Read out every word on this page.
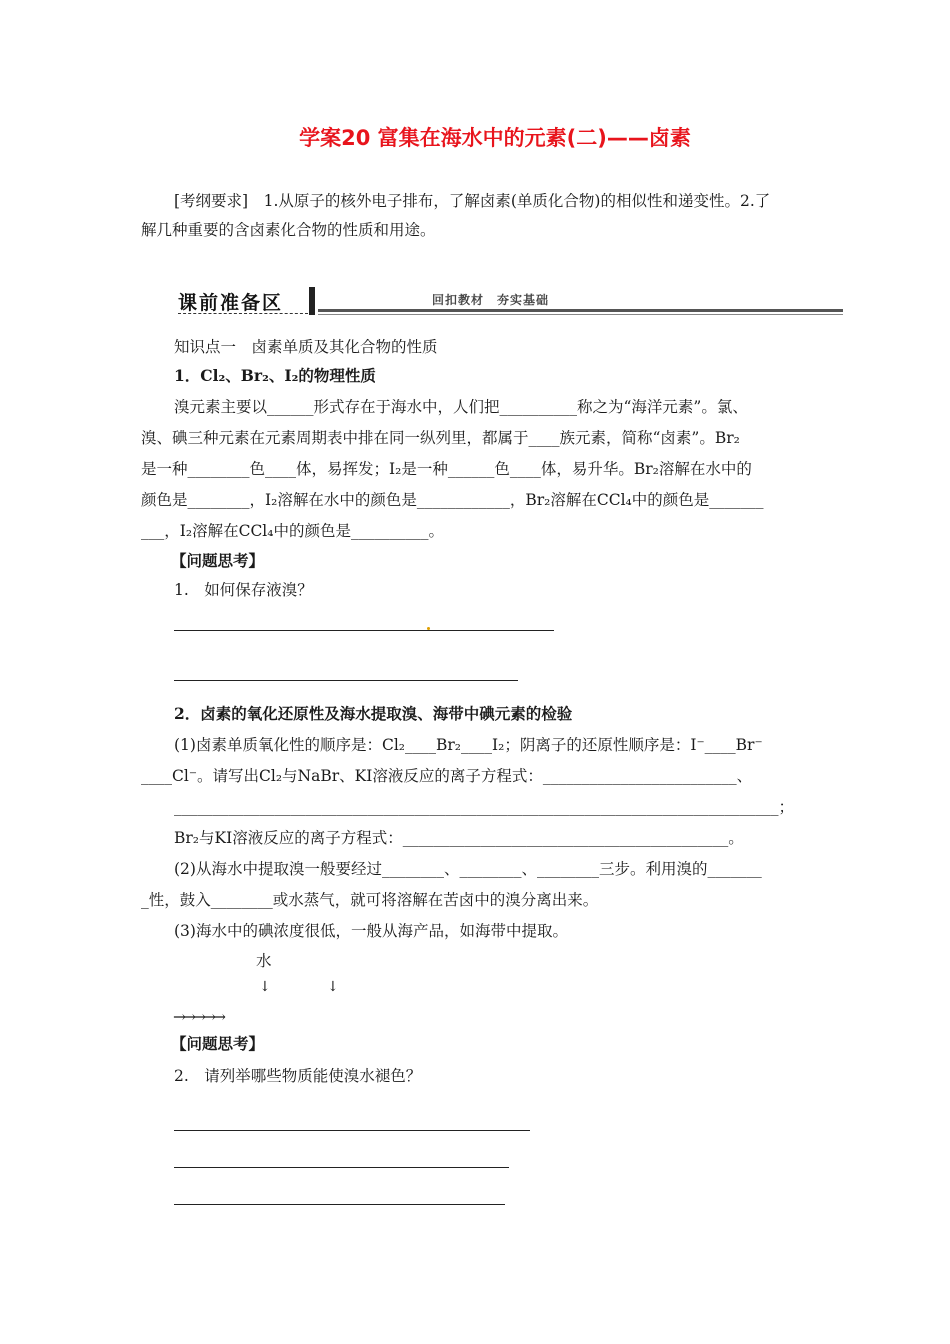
学案20 富集在海水中的元素(二)——卤素
[考纲要求]　1.从原子的核外电子排布，了解卤素(单质化合物)的相似性和递变性。2.了
解几种重要的含卤素化合物的性质和用途。
课前准备区	回扣教材　夯实基础
知识点一　卤素单质及其化合物的性质
1．Cl₂、Br₂、I₂的物理性质
溴元素主要以______形式存在于海水中，人们把__________称之为“海洋元素”。氯、
溴、碘三种元素在元素周期表中排在同一纵列里，都属于____族元素，简称“卤素”。Br₂
是一种________色____体，易挥发；I₂是一种______色____体，易升华。Br₂溶解在水中的
颜色是________，I₂溶解在水中的颜色是____________，Br₂溶解在CCl₄中的颜色是_______
___，I₂溶解在CCl₄中的颜色是__________。
【问题思考】
1.　如何保存液溴？
2．卤素的氧化还原性及海水提取溴、海带中碘元素的检验
(1)卤素单质氧化性的顺序是：Cl₂____Br₂____I₂；阴离子的还原性顺序是：I⁻____Br⁻
____Cl⁻。请写出Cl₂与NaBr、KI溶液反应的离子方程式：_________________________、
______________________________________________________________________________；
Br₂与KI溶液反应的离子方程式：__________________________________________。
(2)从海水中提取溴一般要经过________、________、________三步。利用溴的_______
_性，鼓入________或水蒸气，就可将溶解在苦卤中的溴分离出来。
(3)海水中的碘浓度很低，一般从海产品，如海带中提取。
水
↓	↓
→→→→→
【问题思考】
2.　请列举哪些物质能使溴水褪色？
